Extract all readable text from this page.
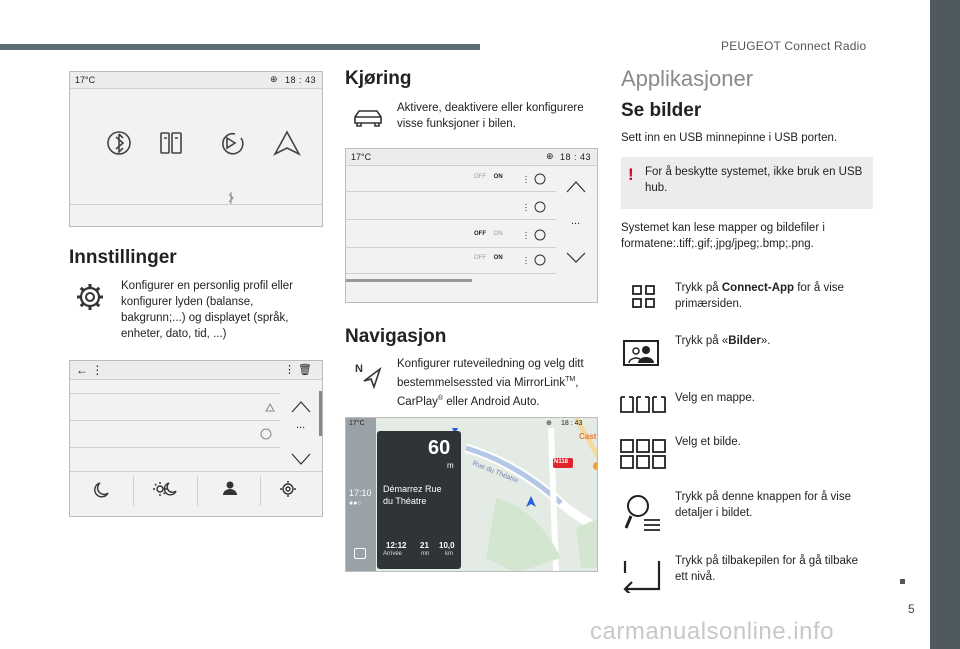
PEUGEOT Connect Radio
5
carmanualsonline.info
17°C	⊕ 18 : 43
Innstillinger
Konfigurer en personlig profil eller konfigurer lyden (balanse, bakgrunn;...) og displayet (språk, enheter, dato, tid, ...)
← ⋮	⋮ 🗑
...
Kjøring
Aktivere, deaktivere eller konfigurere visse funksjoner i bilen.
17°C	⊕ 18 : 43
OFF ON
OFF ON
OFF ON
...
Navigasjon
N	Konfigurer ruteveiledning og velg ditt bestemmelsessted via MirrorLink™, CarPlay® eller Android Auto.
17:10
●●○
17°C	⊕ 18 : 43
Rue du Théatre	N118
Cast
60
m
Démarrez Rue
du Théatre
12:12
Arrivée
21
mn
10,0
km
Applikasjoner
Se bilder
Sett inn en USB minnepinne i USB porten.
! For å beskytte systemet, ikke bruk en USB hub.
Systemet kan lese mapper og bildefiler i formatene:.tiff;.gif;.jpg/jpeg;.bmp;.png.
Trykk på Connect-App for å vise primærsiden.
Trykk på «Bilder».
Velg en mappe.
Velg et bilde.
Trykk på denne knappen for å vise detaljer i bildet.
Trykk på tilbakepilen for å gå tilbake ett nivå.
